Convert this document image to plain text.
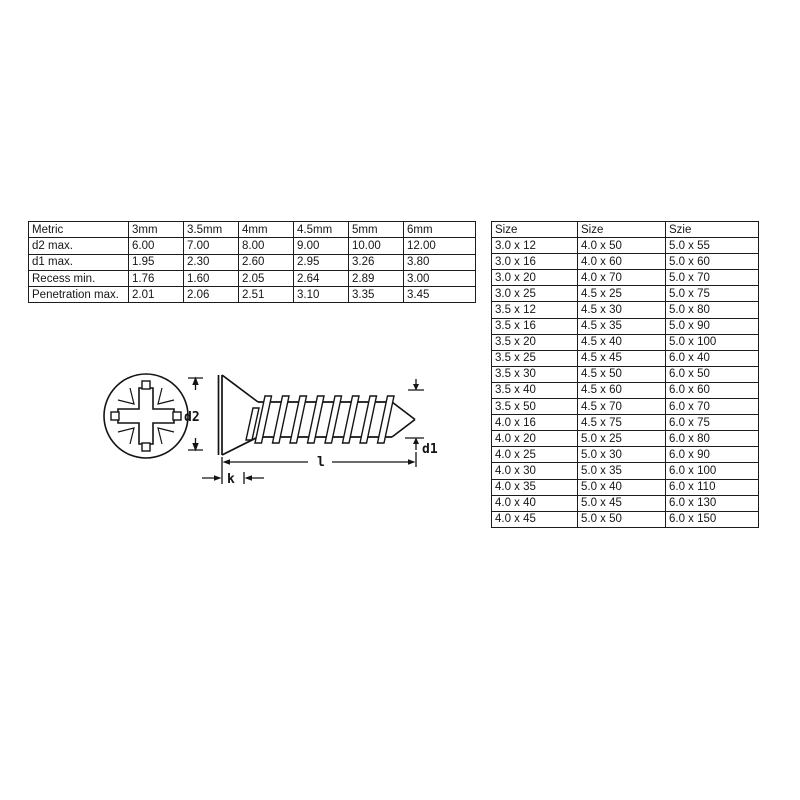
Metric	3mm	3.5mm	4mm	4.5mm	5mm	6mm
d2 max.	6.00	7.00	8.00	9.00	10.00	12.00
d1 max.	1.95	2.30	2.60	2.95	3.26	3.80
Recess min.	1.76	1.60	2.05	2.64	2.89	3.00
Penetration max.	2.01	2.06	2.51	3.10	3.35	3.45
Size	Size	Szie
3.0 x 12	4.0 x 50	5.0 x 55
3.0 x 16	4.0 x 60	5.0 x 60
3.0 x 20	4.0 x 70	5.0 x 70
3.0 x 25	4.5 x 25	5.0 x 75
3.5 x 12	4.5 x 30	5.0 x 80
3.5 x 16	4.5 x 35	5.0 x 90
3.5 x 20	4.5 x 40	5.0 x 100
3.5 x 25	4.5 x 45	6.0 x 40
3.5 x 30	4.5 x 50	6.0 x 50
3.5 x 40	4.5 x 60	6.0 x 60
3.5 x 50	4.5 x 70	6.0 x 70
4.0 x 16	4.5 x 75	6.0 x 75
4.0 x 20	5.0 x 25	6.0 x 80
4.0 x 25	5.0 x 30	6.0 x 90
4.0 x 30	5.0 x 35	6.0 x 100
4.0 x 35	5.0 x 40	6.0 x 110
4.0 x 40	5.0 x 45	6.0 x 130
4.0 x 45	5.0 x 50	6.0 x 150
d2
d1
l
k
